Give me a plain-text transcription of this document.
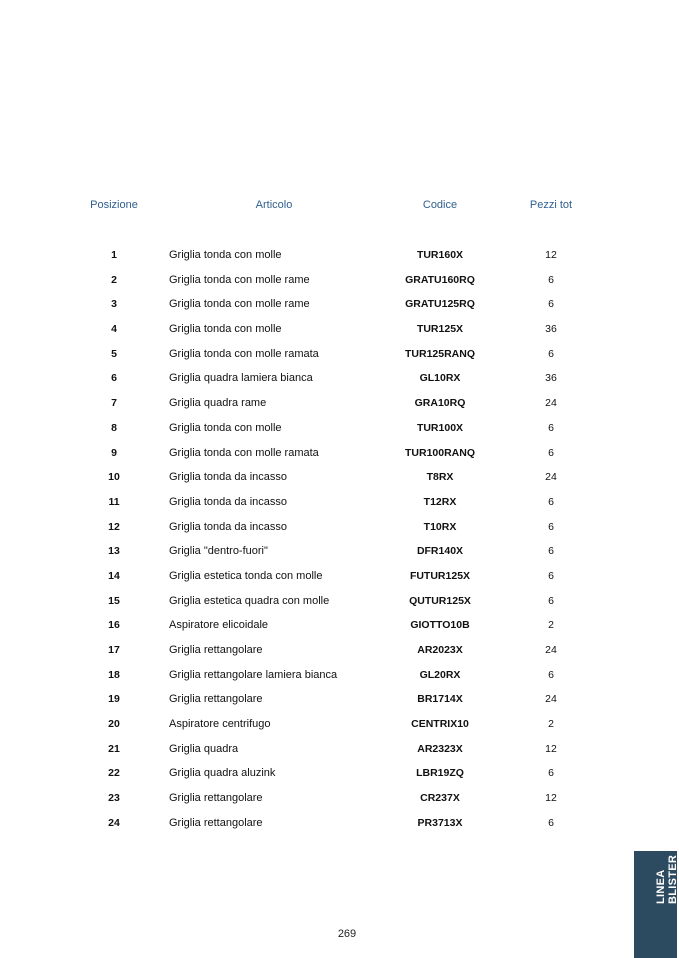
Posizione	Articolo	Codice	Pezzi tot
1	Griglia tonda con molle	TUR160X	12
2	Griglia tonda con molle rame	GRATU160RQ	6
3	Griglia tonda con molle rame	GRATU125RQ	6
4	Griglia tonda con molle	TUR125X	36
5	Griglia tonda con molle ramata	TUR125RANQ	6
6	Griglia quadra lamiera bianca	GL10RX	36
7	Griglia quadra rame	GRA10RQ	24
8	Griglia tonda con molle	TUR100X	6
9	Griglia tonda con molle ramata	TUR100RANQ	6
10	Griglia tonda da incasso	T8RX	24
11	Griglia tonda da incasso	T12RX	6
12	Griglia tonda da incasso	T10RX	6
13	Griglia "dentro-fuori"	DFR140X	6
14	Griglia estetica tonda con molle	FUTUR125X	6
15	Griglia estetica quadra con molle	QUTUR125X	6
16	Aspiratore elicoidale	GIOTTO10B	2
17	Griglia rettangolare	AR2023X	24
18	Griglia rettangolare lamiera bianca	GL20RX	6
19	Griglia rettangolare	BR1714X	24
20	Aspiratore centrifugo	CENTRIX10	2
21	Griglia quadra	AR2323X	12
22	Griglia quadra aluzink	LBR19ZQ	6
23	Griglia rettangolare	CR237X	12
24	Griglia rettangolare	PR3713X	6
269
LINEA BLISTER
